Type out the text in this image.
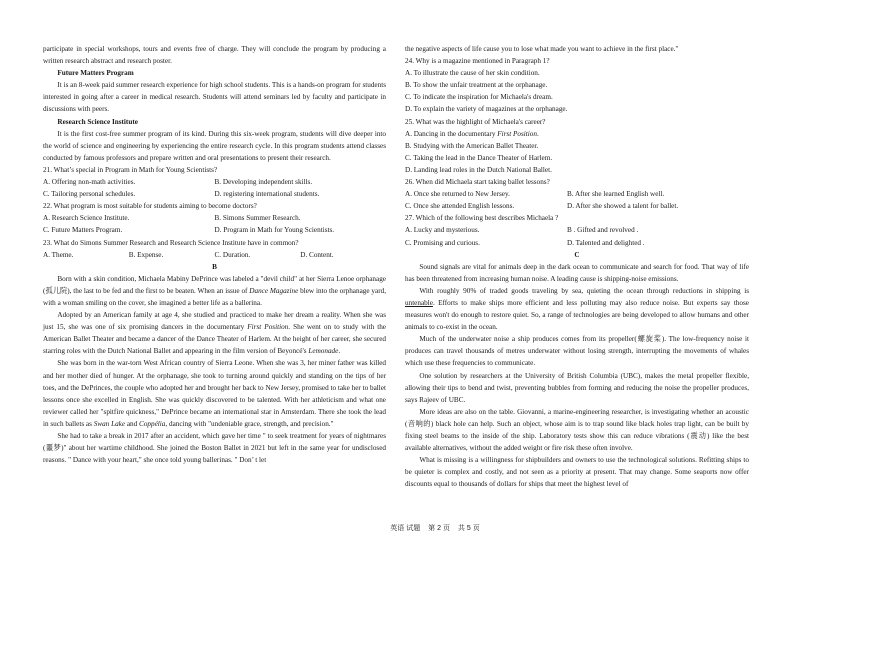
participate in special workshops, tours and events free of charge. They will conclude the program by producing a written research abstract and research poster.

Future Matters Program

It is an 8-week paid summer research experience for high school students. This is a hands-on program for students interested in going after a career in medical research. Students will attend seminars led by faculty and participate in discussions with peers.

Research Science Institute

It is the first cost-free summer program of its kind. During this six-week program, students will dive deeper into the world of science and engineering by experiencing the entire research cycle. In this program students attend classes conducted by famous professors and prepare written and oral presentations to present their research.

21. What’s special in Program in Math for Young Scientists?

A. Offering non-math activities.	B. Developing independent skills.
C. Tailoring personal schedules.	D. registering international students.

22. What program is most suitable for students aiming to become doctors?

A. Research Science Institute.	B. Simons Summer Research.
C. Future Matters Program.	D. Program in Math for Young Scientists.

23. What do Simons Summer Research and Research Science Institute have in common?

A. Theme.	B. Expense.	C. Duration.	D. Content.

B

Born with a skin condition, Michaela Mabiny DePrince was labeled a "devil child" at her Sierra Lenoe orphanage (孤儿院), the last to be fed and the first to be beaten. When an issue of Dance Magazine blew into the orphanage yard, with a woman smiling on the cover, she imagined a better life as a ballerina.

Adopted by an American family at age 4, she studied and practiced to make her dream a reality. When she was just 15, she was one of six promising dancers in the documentary First Position. She went on to study with the American Ballet Theater and became a dancer of the Dance Theater of Harlem. At the height of her career, she secured starring roles with the Dutch National Ballet and appearing in the film version of Beyoncé's Lemonade.

She was born in the war-torn West African country of Sierra Leone. When she was 3, her miner father was killed and her mother died of hunger. At the orphanage, she took to turning around quickly and standing on the tips of her toes, and the DePrinces, the couple who adopted her and brought her back to New Jersey, promised to take her to ballet lessons once she excelled in English. She was quickly discovered to be talented. With her athleticism and what one reviewer called her "spitfire quickness," DePrince became an international star in Amsterdam. There she took the lead in such ballets as Swan Lake and Coppélia, dancing with "undeniable grace, strength, and precision."

She had to take a break in 2017 after an accident, which gave her time " to seek treatment for years of nightmares (噩梦)" about her wartime childhood. She joined the Boston Ballet in 2021 but left in the same year for undisclosed reasons. " Dance with your heart," she once told young ballerinas. " Don’ t let

the negative aspects of life cause you to lose what made you want to achieve in the first place."

24. Why is a magazine mentioned in Paragraph 1?

A. To illustrate the cause of her skin condition.

B. To show the unfair treatment at the orphanage.

C. To indicate the inspiration for Michaela's dream.

D. To explain the variety of magazines at the orphanage.

25. What was the highlight of Michaela's career?

A. Dancing in the documentary First Position.

B. Studying with the American Ballet Theater.

C. Taking the lead in the Dance Theater of Harlem.

D. Landing lead roles in the Dutch National Ballet.

26. When did Michaela start taking ballet lessons?

A. Once she returned to New Jersey.	B. After she learned English well.
C. Once she attended English lessons.	D. After she showed a talent for ballet.

27. Which of the following best describes Michaela ?

A. Lucky and mysterious.	B . Gifted and revolved .
C. Promising and curious.	D. Talented and delighted .

C

Sound signals are vital for animals deep in the dark ocean to communicate and search for food. That way of life has been threatened from increasing human noise. A leading cause is shipping-noise emissions.

With roughly 90% of traded goods traveling by sea, quieting the ocean through reductions in shipping is untenable. Efforts to make ships more efficient and less polluting may also reduce noise. But experts say those measures won't do enough to restore quiet. So, a range of technologies are being developed to allow humans and other animals to co-exist in the ocean.

Much of the underwater noise a ship produces comes from its propeller(螺旋桨). The low-frequency noise it produces can travel thousands of metres underwater without losing strength, interrupting the movements of whales which use these frequencies to communicate.

One solution by researchers at the University of British Columbia (UBC), makes the metal propeller flexible, allowing their tips to bend and twist, preventing bubbles from forming and reducing the noise the propeller produces, says Rajeev of UBC.

More ideas are also on the table. Giovanni, a marine-engineering researcher, is investigating whether an acoustic (音响的) black hole can help. Such an object, whose aim is to trap sound like black holes trap light, can be built by fixing steel beams to the inside of the ship. Laboratory tests show this can reduce vibrations (震动) like the best available alternatives, without the added weight or fire risk these often involve.

What is missing is a willingness for shipbuilders and owners to use the technological solutions. Refitting ships to be quieter is complex and costly, and not seen as a priority at present. That may change. Some seaports now offer discounts equal to thousands of dollars for ships that meet the highest level of

英语 试题 第 2 页 共 5 页
